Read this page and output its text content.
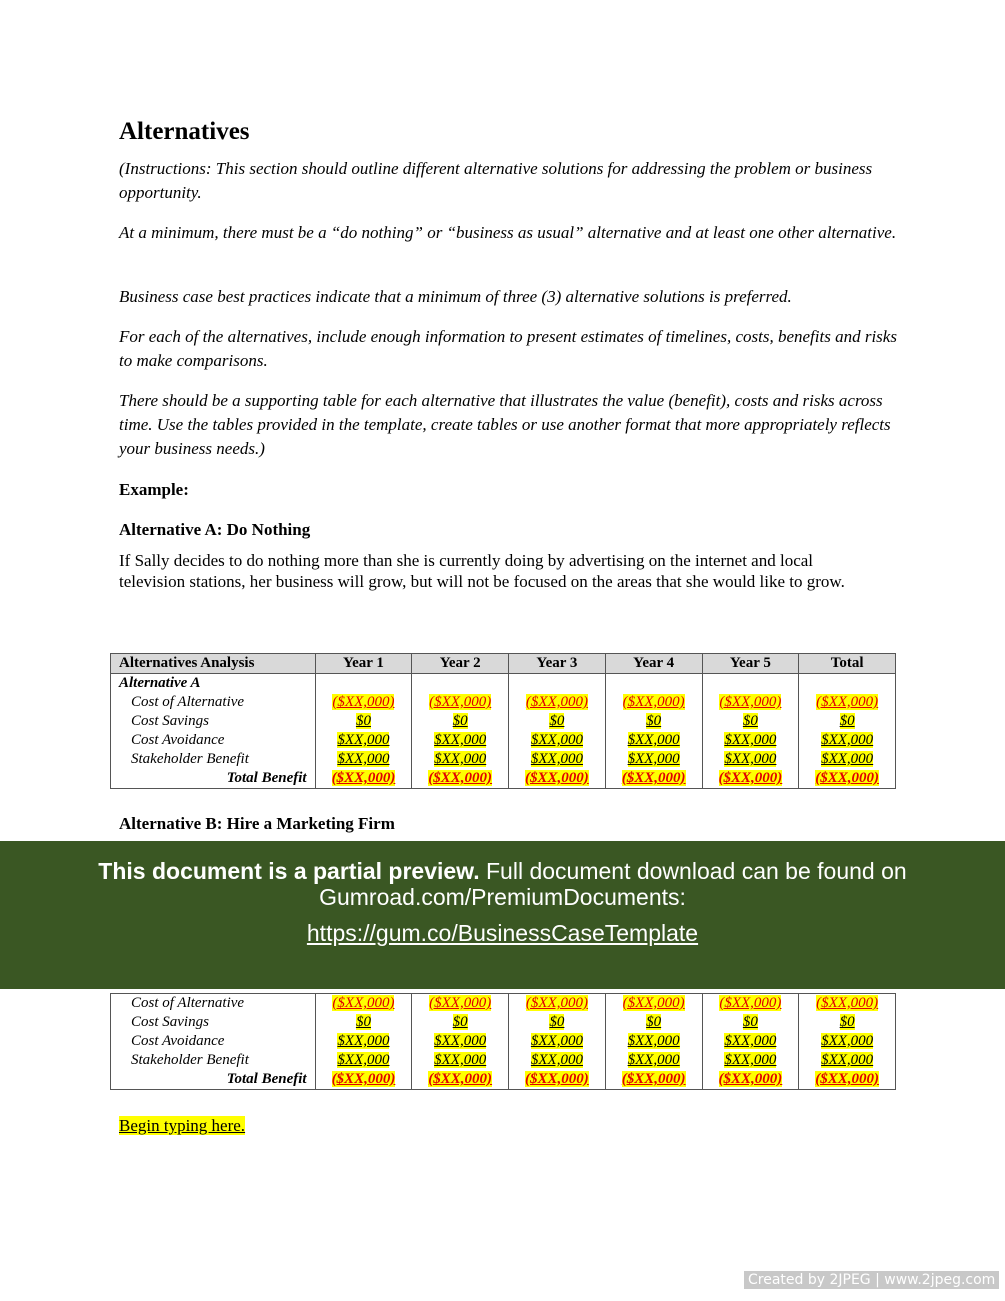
Alternatives

(Instructions: This section should outline different alternative solutions for addressing the problem or business opportunity.

At a minimum, there must be a “do nothing” or “business as usual” alternative and at least one other alternative.

Business case best practices indicate that a minimum of three (3) alternative solutions is preferred.

For each of the alternatives, include enough information to present estimates of timelines, costs, benefits and risks to make comparisons.

There should be a supporting table for each alternative that illustrates the value (benefit), costs and risks across time. Use the tables provided in the template, create tables or use another format that more appropriately reflects your business needs.)

Example:

Alternative A: Do Nothing

If Sally decides to do nothing more than she is currently doing by advertising on the internet and local television stations, her business will grow, but will not be focused on the areas that she would like to grow.

Alternatives Analysis	Year 1	Year 2	Year 3	Year 4	Year 5	Total
Alternative A						
Cost of Alternative	($XX,000)	($XX,000)	($XX,000)	($XX,000)	($XX,000)	($XX,000)
Cost Savings	$0	$0	$0	$0	$0	$0
Cost Avoidance	$XX,000	$XX,000	$XX,000	$XX,000	$XX,000	$XX,000
Stakeholder Benefit	$XX,000	$XX,000	$XX,000	$XX,000	$XX,000	$XX,000
Total Benefit	($XX,000)	($XX,000)	($XX,000)	($XX,000)	($XX,000)	($XX,000)

Alternative B: Hire a Marketing Firm

Cost of Alternative	($XX,000)	($XX,000)	($XX,000)	($XX,000)	($XX,000)	($XX,000)
Cost Savings	$0	$0	$0	$0	$0	$0
Cost Avoidance	$XX,000	$XX,000	$XX,000	$XX,000	$XX,000	$XX,000
Stakeholder Benefit	$XX,000	$XX,000	$XX,000	$XX,000	$XX,000	$XX,000
Total Benefit	($XX,000)	($XX,000)	($XX,000)	($XX,000)	($XX,000)	($XX,000)

Begin typing here.

This document is a partial preview. Full document download can be found on
Gumroad.com/PremiumDocuments:
https://gum.co/BusinessCaseTemplate
Created by 2JPEG | www.2jpeg.com
